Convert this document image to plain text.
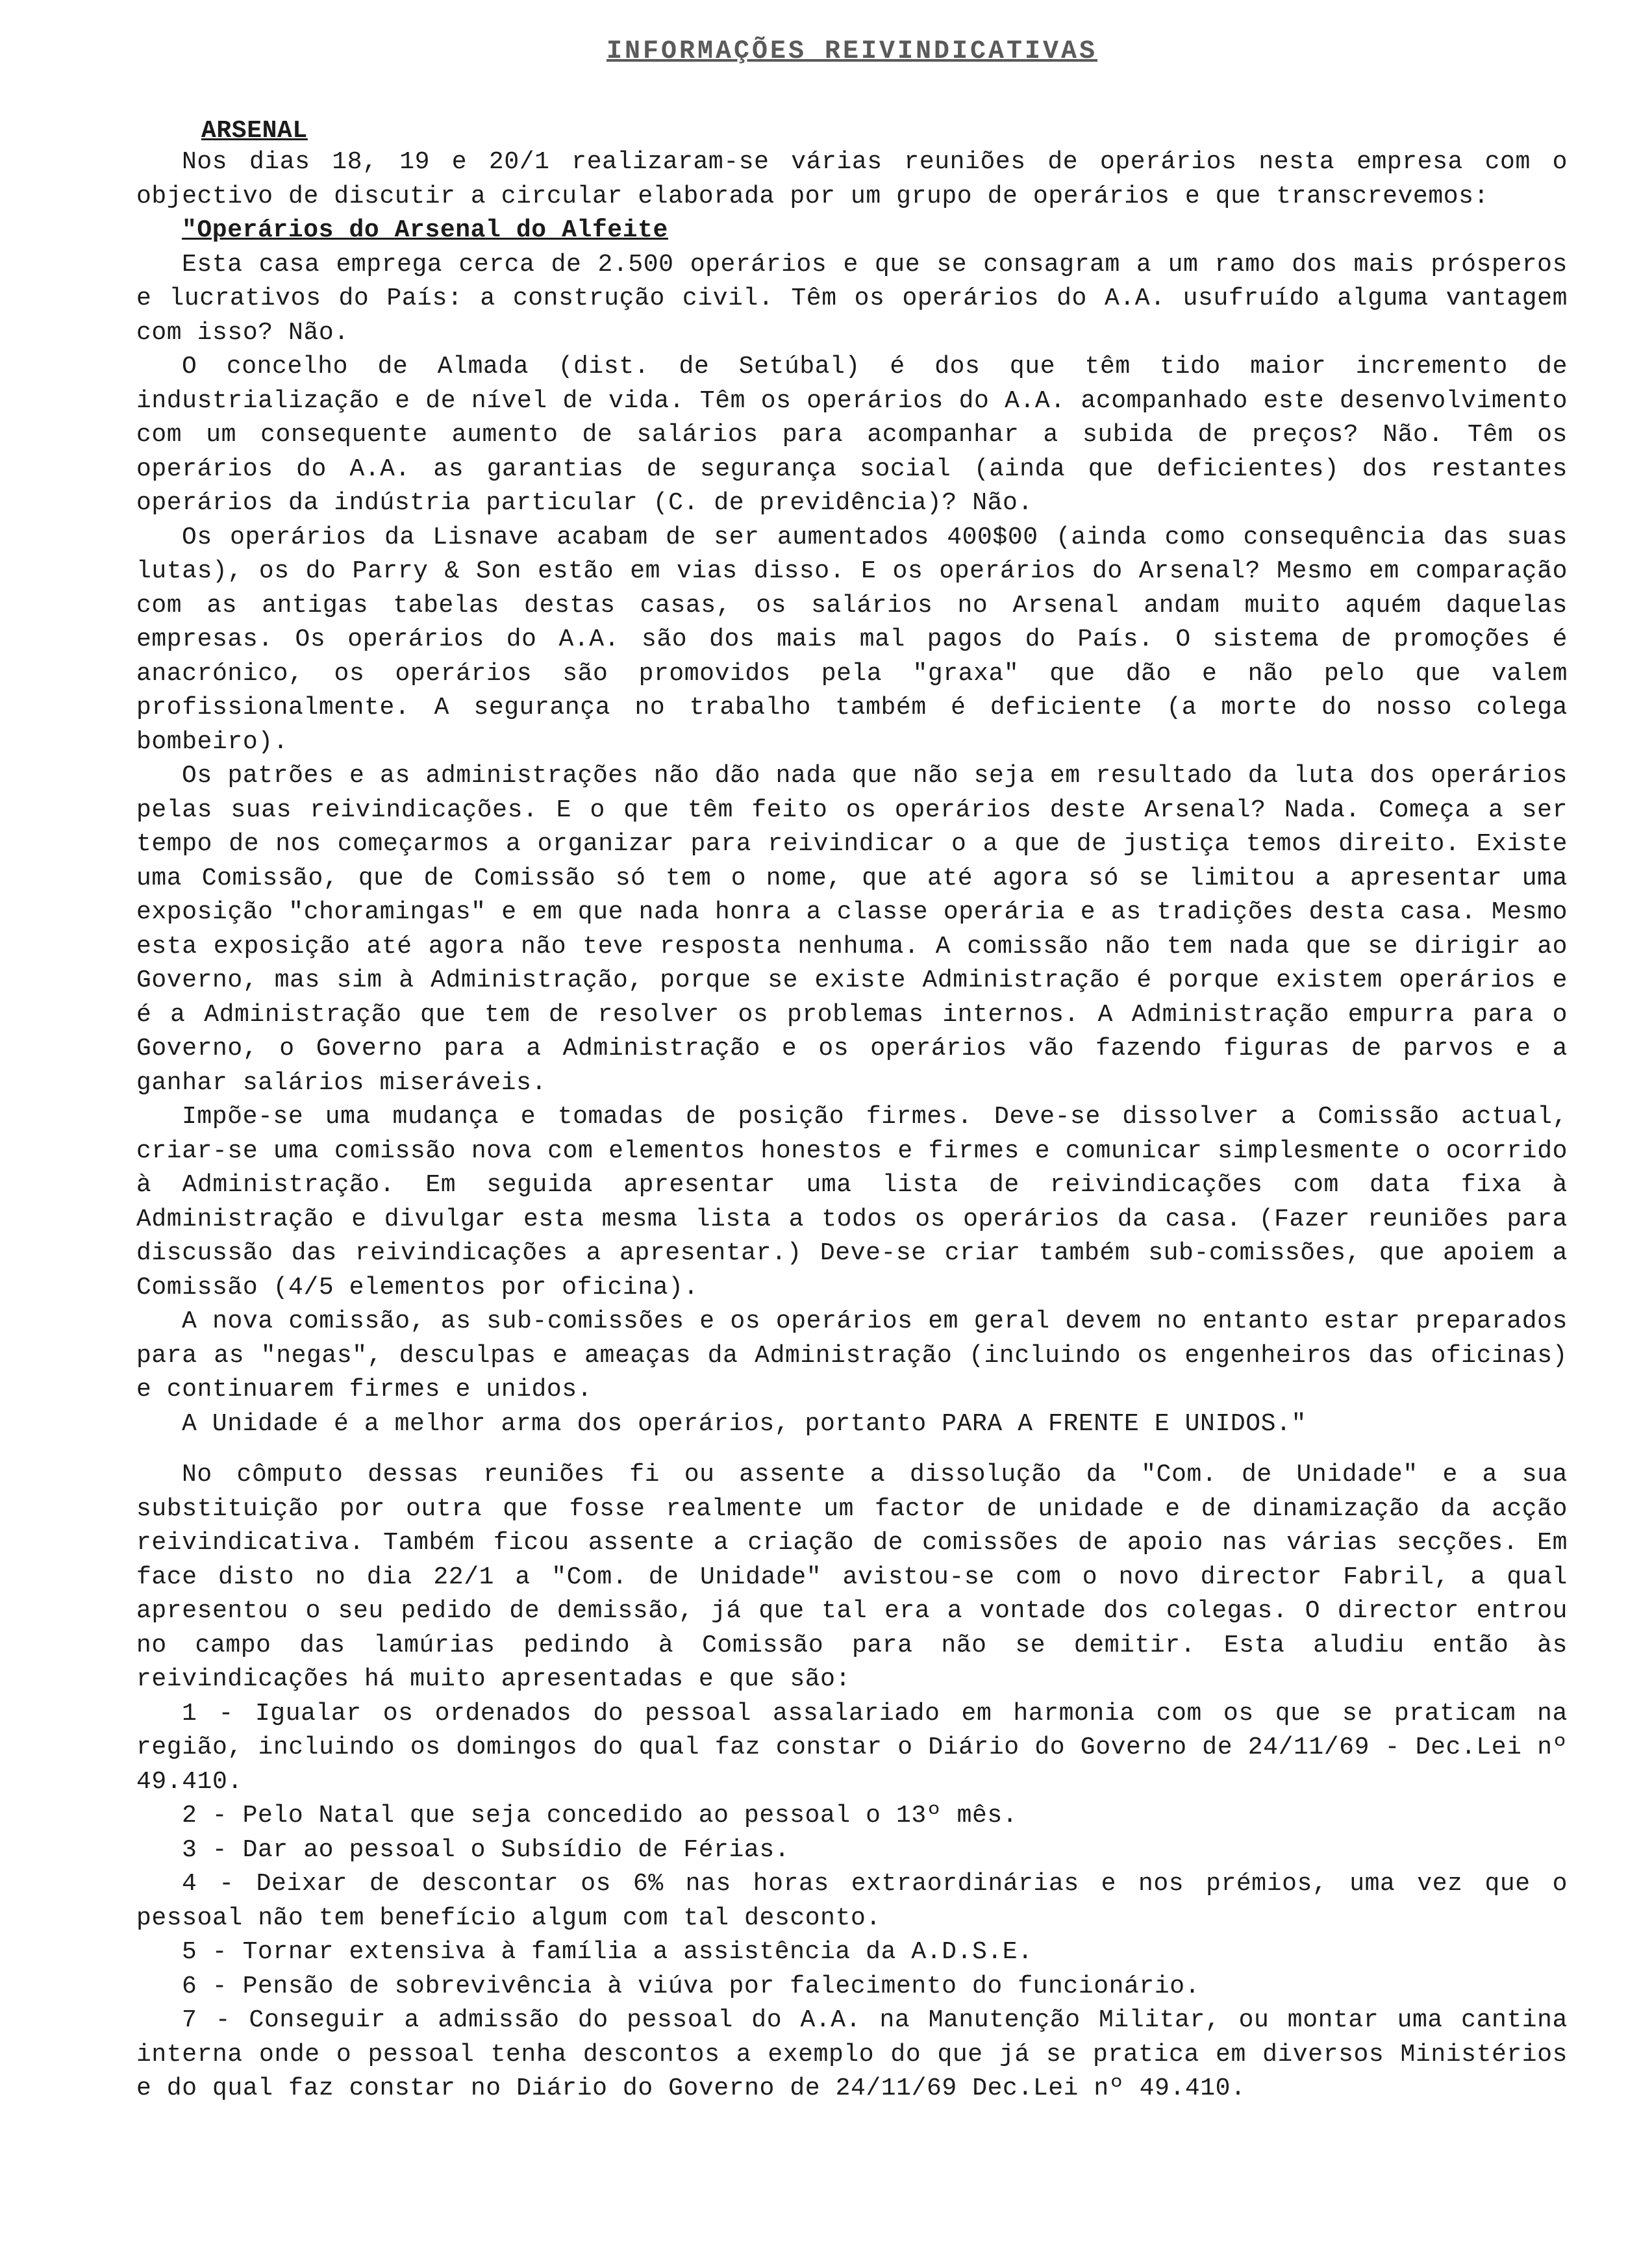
INFORMAÇÕES REIVINDICATIVAS
ARSENAL

Nos dias 18, 19 e 20/1 realizaram-se várias reuniões de operários nesta empresa com o objectivo de discutir a circular elaborada por um grupo de operários e que transcrevemos:

"Operários do Arsenal do Alfeite

Esta casa emprega cerca de 2.500 operários e que se consagram a um ramo dos mais prósperos e lucrativos do País: a construção civil. Têm os operários do A.A. usufruído alguma vantagem com isso? Não.

O concelho de Almada (dist. de Setúbal) é dos que têm tido maior incremento de industrialização e de nível de vida. Têm os operários do A.A. acompanhado este desenvolvimento com um consequente aumento de salários para acompanhar a subida de preços? Não. Têm os operários do A.A. as garantias de segurança social (ainda que deficientes) dos restantes operários da indústria particular (C. de previdência)? Não.

Os operários da Lisnave acabam de ser aumentados 400$00 (ainda como consequência das suas lutas), os do Parry & Son estão em vias disso. E os operários do Arsenal? Mesmo em comparação com as antigas tabelas destas casas, os salários no Arsenal andam muito aquém daquelas empresas. Os operários do A.A. são dos mais mal pagos do País. O sistema de promoções é anacrónico, os operários são promovidos pela "graxa" que dão e não pelo que valem profissionalmente. A segurança no trabalho também é deficiente (a morte do nosso colega bombeiro).

Os patrões e as administrações não dão nada que não seja em resultado da luta dos operários pelas suas reivindicações. E o que têm feito os operários deste Arsenal? Nada. Começa a ser tempo de nos começarmos a organizar para reivindicar o a que de justiça temos direito. Existe uma Comissão, que de Comissão só tem o nome, que até agora só se limitou a apresentar uma exposição "choramingas" e em que nada honra a classe operária e as tradições desta casa. Mesmo esta exposição até agora não teve resposta nenhuma. A comissão não tem nada que se dirigir ao Governo, mas sim à Administração, porque se existe Administração é porque existem operários e é a Administração que tem de resolver os problemas internos. A Administração empurra para o Governo, o Governo para a Administração e os operários vão fazendo figuras de parvos e a ganhar salários miseráveis.

Impõe-se uma mudança e tomadas de posição firmes. Deve-se dissolver a Comissão actual, criar-se uma comissão nova com elementos honestos e firmes e comunicar simplesmente o ocorrido à Administração. Em seguida apresentar uma lista de reivindicações com data fixa à Administração e divulgar esta mesma lista a todos os operários da casa. (Fazer reuniões para discussão das reivindicações a apresentar.) Deve-se criar também sub-comissões, que apoiem a Comissão (4/5 elementos por oficina).

A nova comissão, as sub-comissões e os operários em geral devem no entanto estar preparados para as "negas", desculpas e ameaças da Administração (incluindo os engenheiros das oficinas) e continuarem firmes e unidos.

A Unidade é a melhor arma dos operários, portanto PARA A FRENTE E UNIDOS."

No cômputo dessas reuniões fi ou assente a dissolução da "Com. de Unidade" e a sua substituição por outra que fosse realmente um factor de unidade e de dinamização da acção reivindicativa. Também ficou assente a criação de comissões de apoio nas várias secções. Em face disto no dia 22/1 a "Com. de Unidade" avistou-se com o novo director Fabril, a qual apresentou o seu pedido de demissão, já que tal era a vontade dos colegas. O director entrou no campo das lamúrias pedindo à Comissão para não se demitir. Esta aludiu então às reivindicações há muito apresentadas e que são:

1 - Igualar os ordenados do pessoal assalariado em harmonia com os que se praticam na região, incluindo os domingos do qual faz constar o Diário do Governo de 24/11/69 - Dec.Lei nº 49.410.
2 - Pelo Natal que seja concedido ao pessoal o 13º mês.
3 - Dar ao pessoal o Subsídio de Férias.
4 - Deixar de descontar os 6% nas horas extraordinárias e nos prémios, uma vez que o pessoal não tem benefício algum com tal desconto.
5 - Tornar extensiva à família a assistência da A.D.S.E.
6 - Pensão de sobrevivência à viúva por falecimento do funcionário.
7 - Conseguir a admissão do pessoal do A.A. na Manutenção Militar, ou montar uma cantina interna onde o pessoal tenha descontos a exemplo do que já se pratica em diversos Ministérios e do qual faz constar no Diário do Governo de 24/11/69 Dec.Lei nº 49.410.
